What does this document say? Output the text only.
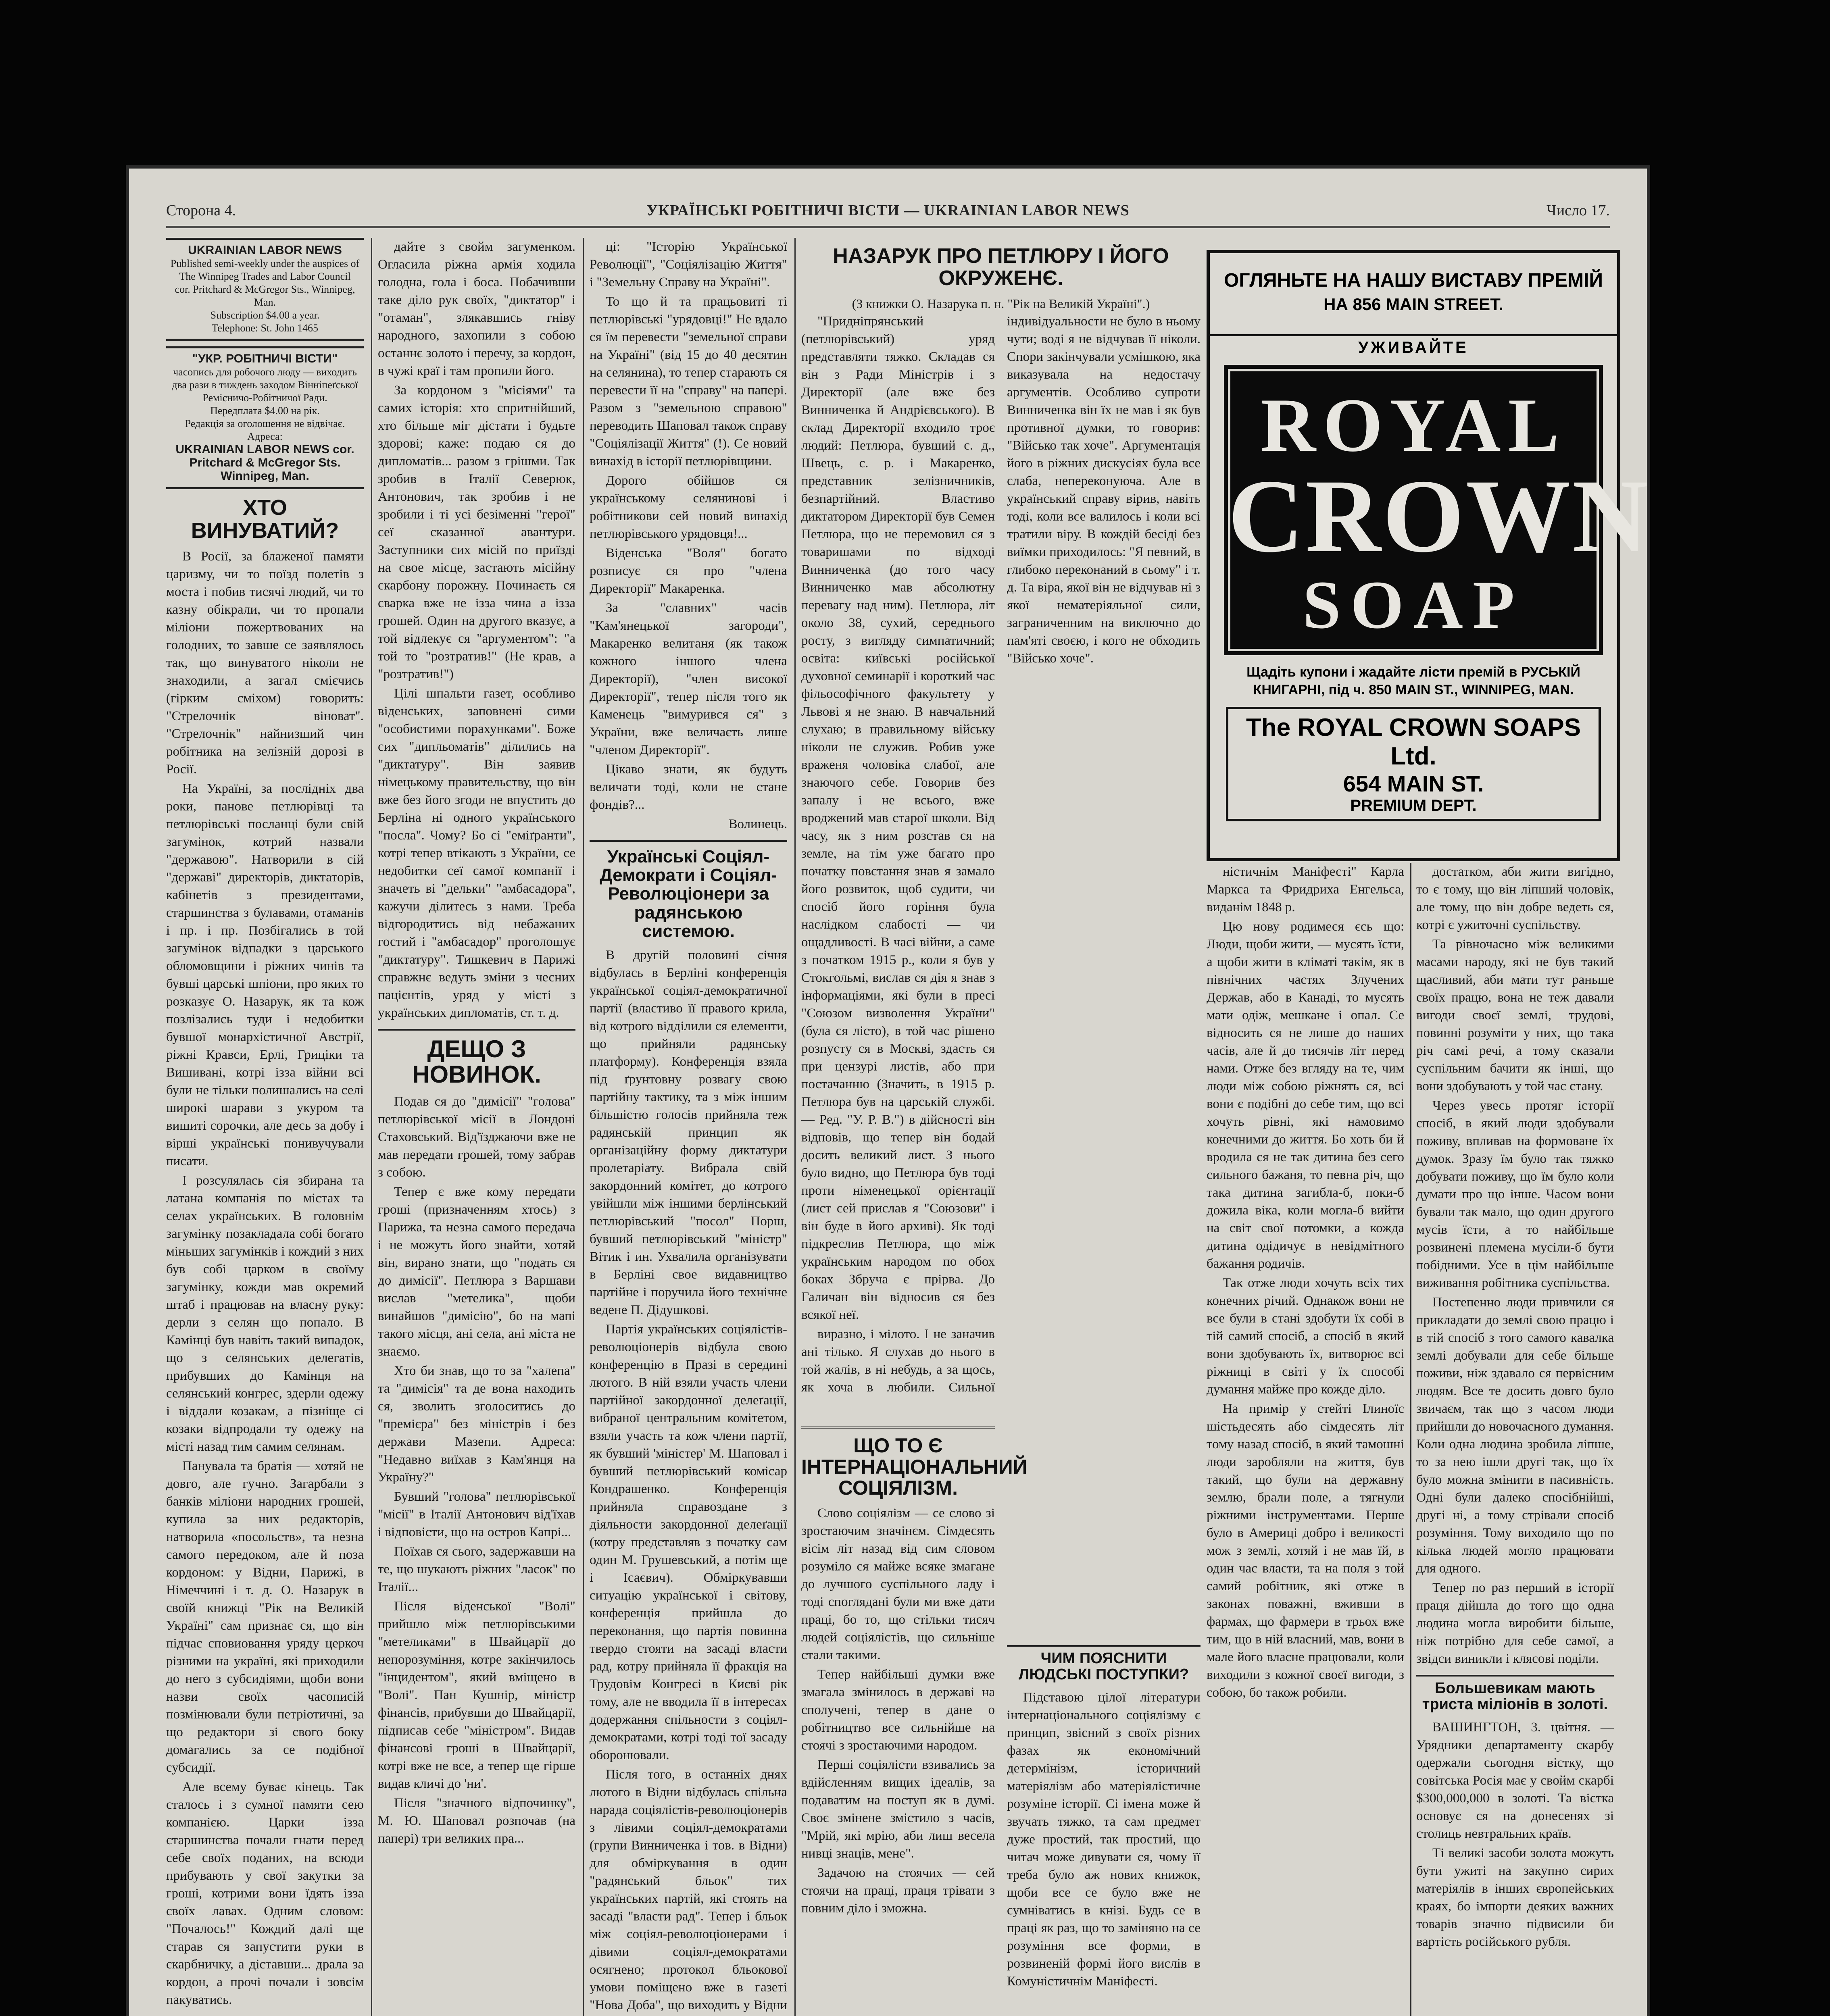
Сторона 4.	УКРАЇНСЬКІ РОБІТНИЧІ ВІСТИ — UKRAINIAN LABOR NEWS	Число 17.
UKRAINIAN LABOR NEWS
Published semi-weekly under the auspices of The Winnipeg Trades and Labor Council
cor. Pritchard & McGregor Sts., Winnipeg, Man.
Subscription $4.00 a year.
Telephone: St. John 1465
"УКР. РОБІТНИЧІ ВІСТИ"
часопись для робочого люду — виходить два рази в тиждень заходом Вінніпеґської Ремісничо-Робітничої Ради.
Передплата $4.00 на рік.
Редакція за оголошення не відвічає.
Адреса:
UKRAINIAN LABOR NEWS cor. Pritchard & McGregor Sts. Winnipeg, Man.
ХТО ВИНУВАТИЙ?

В Росії, за блаженої памяти царизму, чи то поїзд полетів з моста і побив тисячі людий, чи то казну обікрали, чи то пропали міліони пожертвованих на голодних, то завше се заявлялось так, що винуватого ніколи не знаходили, а загал смієчись (гірким сміхом) говорить: "Стрелочнік віноват". "Стрелочнік" найнизший чин робітника на зелізній дорозі в Росії.

На Україні, за послідніх два роки, панове петлюрівці та петлюрівські посланці були свій загумінок, котрий назвали "державою". Натворили в сій "державі" директорів, диктаторів, кабінетів з президентами, старшинства з булавами, отаманів і пр. і пр. Позбігались в той загумінок відпадки з царського обломовщини і ріжних чинів та бувші царські шпіони, про яких то розказує О. Назарук, як та кож позлізались туди і недобитки бувшої монархістичної Австрії, ріжні Кравси, Ерлі, Гриціки та Вишивані, котрі ізза війни всі були не тільки полишались на селі широкі шарави з укуром та вишиті сорочки, але десь за добу і вірші українські понивучували писати.

І розсулялась сія збирана та латана компанія по містах та селах українських. В головнім загумінку позакладала собі богато міньших загумінків і кождий з них був собі царком в своїму загумінку, кожди мав окремий штаб і працював на власну руку: дерли з селян що попало. В Камінці був навіть такий випадок, що з селянських делегатів, прибувших до Камінця на селянський конгрес, здерли одежу і віддали козакам, а пізніще сі козаки відпродали ту одежу на місті назад тим самим селянам.

Панувала та братія — хотяй не довго, але гучно. Загарбали з банків міліони народних грошей, купила за них редакторів, натворила «посольств», та незна самого передоком, але й поза кордоном: у Відни, Парижі, в Німеччині і т. д. О. Назарук в своїй книжці "Рік на Великій Україні" сам признає ся, що він підчас сповиовання уряду церкоч різними на україні, які приходили до него з субсидіями, щоби вони назви своїх часописій позмінювали були петріотичні, за що редактори зі свого боку домагались за се подібної субсидії.

Але всему буває кінець. Так сталось і з сумної памяти сею компанією. Царки ізза старшинства почали гнати перед себе своїх поданих, на всюди прибувають у свої закутки за гроші, котрими вони їдять ізза своїх лавах. Одним словом: "Почалось!" Кождий далі ще старав ся запустити руки в скарбничку, а діставши... драла за кордон, а прочі почали і зовсім пакуватись.

дайте з свойм загуменком. Огласила ріжна армія ходила голодна, гола і боса. Побачивши таке діло рук своїх, "диктатор" і "отаман", злякавшись гніву народного, захопили з собою останнє золото і перечу, за кордон, в чужі краї і там пропили його.

За кордоном з "місіями" та самих історія: хто спритнійший, хто більше міг дістати і будьте здорові; каже: подаю ся до дипломатів... разом з грішми. Так зробив в Італії Северюк, Антонович, так зробив і не зробили і ті усі безіменні "герої" сеї сказанної авантури. Заступники сих місій по приїзді на свое місце, застають місійну скарбону порожну. Починаєть ся сварка вже не ізза чина а ізза грошей. Один на другого вказує, а той відлекує ся "аргументом": "а той то "розтратив!" (Не крав, а "розтратив!")

Цілі шпальти газет, особливо віденських, заповнені сими "особистими порахунками". Боже сих "дипльоматів" ділились на "диктатуру". Він заявив німецькому правительству, що він вже без його згоди не впустить до Берліна ні одного українського "посла". Чому? Бо сі "еміґранти", котрі тепер втікають з України, се недобитки сеї самої компанії і значеть ві "дельки" "амбасадора", кажучи ділитесь з нами. Треба відгородитись від небажаних гостий і "амбасадор" проголошує "диктатуру". Тишкевич в Парижі справжнє ведуть зміни з чесних пацієнтів, уряд у місті з українських дипломатів, ст. т. д.

ДЕЩО З НОВИНОК.

Подав ся до "димісії" "голова" петлюрівської місії в Лондоні Стаховський. Від'їзджаючи вже не мав передати грошей, тому забрав з собою.

Тепер є вже кому передати гроші (призначенням хтось) з Парижа, та незна самого передача і не можуть його знайти, хотяй він, вирано знати, що "подать ся до димісії". Петлюра з Варшави вислав "метелика", щоби винайшов "димісію", бо на мапі такого місця, ані села, ані міста не знаємо.

Хто би знав, що то за "халепа" та "димісія" та де вона находить ся, зволить зголоситись до "премієра" без міністрів і без держави Мазепи. Адреса: "Недавно виїхав з Кам'янця на Україну?"

Бувший "голова" петлюрівської "місії" в Італії Антонович від'їхав і відповісти, що на остров Капрі...

Поїхав ся сього, задержавши на те, що шукають ріжних "ласок" по Італії...

Після віденської "Волі" прийшло між петлюрівськими "метеликами" в Швайцарії до непорозуміння, котре закінчилось "інцидентом", який вміщено в "Волі". Пан Кушнір, міністр фінансів, прибувши до Швайцарії, підписав себе "міністром". Видав фінансові гроші в Швайцарії, котрі вже не все, а тепер ще гірше видав кличі до 'ни'.

Після "значного відпочинку", М. Ю. Шаповал розпочав (на папері) три великих пра...

ці: "Історію Української Революції", "Соціялізацію Життя" і "Земельну Справу на Україні".

То що й та працьовиті ті петлюрівські "урядовці!" Не вдало ся їм перевести "земельної справи на Україні" (від 15 до 40 десятин на селянина), то тепер старають ся перевести її на "справу" на папері. Разом з "земельною справою" переводить Шаповал також справу "Соціялізації Життя" (!). Се новий винахід в історії петлюрівщини.

Дорого обійшов ся українському селянинові і робітникови сей новий винахід петлюрівського урядовця!...

Віденська "Воля" богато розписує ся про "члена Директорії" Макаренка.

За "славних" часів "Кам'янецької загороди", Макаренко велитаня (як також кожного іншого члена Директорії), "член високої Директорії", тепер після того як Каменець "вимурився ся" з України, вже величаєть лише "членом Директорії".

Цікаво знати, як будуть величати тоді, коли не стане фондів?...

Волинець.

Українські Соціял-Демократи і Соціял-Революціонери за радянською системою.

В другій половині січня відбулась в Берліні конференція української соціял-демократичної партії (властиво її правого крила, від котрого відділили ся елементи, що прийняли радянську платформу). Конференція взяла під ґрунтовну розвагу свою партійну тактику, та з між іншим більшістю голосів прийняла теж радянській принцип як організаційну форму диктатури пролетаріату. Вибрала свій закордонний комітет, до котрого увійшли між іншими берлінський петлюрівський "посол" Порш, бувший петлюрівський "міністр" Вітик і ин. Ухвалила організувати в Берліні свое видавництво партійне і поручила його технічне ведене П. Дідушкові.

Партія українських соціялістів-революціонерів відбула свою конференцію в Празі в середині лютого. В ній взяли участь члени партійної закордонної делеґації, вибраної центральним комітетом, взяли участь та кож члени партії, як бувший 'міністер' М. Шаповал і бувший петлюрівський комісар Кондрашенко. Конференція прийняла справоздане з діяльности закордонної делеґації (котру представляв з початку сам один М. Грушевський, а потім ще і Ісаєвич). Обміркувавши ситуацію української і світову, конференція прийшла до переконання, що партія повинна твердо стояти на засаді власти рад, котру прийняла її фракція на Трудовім Конгресі в Києві рік тому, але не вводила її в інтересах додержання спільности з соціял-демократами, котрі тоді тої засаду оборонювали.

Після того, в останніх днях лютого в Відни відбулась спільна нарада соціялістів-революціонерів з лівими соціял-демократами (групи Винниченка і тов. в Відни) для обміркування в один "радянський бльок" тих українських партій, які стоять на засаді "власти рад". Тепер і бльок між соціял-революціонерами і дівими соціял-демократами осягнено; протокол бльокової умови поміщено вже в газеті "Нова Доба", що виходить у Відни

НАЗАРУК ПРО ПЕТЛЮРУ І ЙОГО ОКРУЖЕНЄ.
(З книжки О. Назарука п. н. "Рік на Великій Україні".)

"Придніпрянський (петлюрівський) уряд представляти тяжко. Складав ся він з Ради Міністрів і з Директорії (але вже без Винниченка й Андрієвського). В склад Директорії входило троє людий: Петлюра, бувший с. д., Швець, с. р. і Макаренко, представник зелізничників, безпартійний. Властиво диктатором Директорії був Семен Петлюра, що не перемовил ся з товаришами по відході Винниченка (до того часу Винниченко мав абсолютну перевагу над ним). Петлюра, літ около 38, сухий, середнього росту, з вигляду симпатичний; освіта: київські російської духовної семинарії і короткий час фільософічного факультету у Львові я не знаю. В навчальний слухаю; в правильному війську ніколи не служив. Робив уже враженя чоловіка слабої, але знаючого себе. Говорив без запалу і не всього, вже вроджений мав старої школи. Від часу, як з ним розстав ся на земле, на тім уже багато про початку повстання знав я замало його розвиток, щоб судити, чи спосіб його горіння була наслідком слабості — чи ощадливості. В часі війни, а саме з початком 1915 р., коли я був у Стокгольмі, вислав ся дія я знав з інформаціями, які були в пресі "Союзом визволення України" (була ся лісто), в той час рішено розпусту ся в Москві, здасть ся при цензурі листів, або при постачанню (Значить, в 1915 р. Петлюра був на царській службі. — Ред. "У. Р. В.") в дійсності він відповів, що тепер він бодай досить великий лист. З нього було видно, що Петлюра був тоді проти німенецької орієнтації (лист сей прислав я "Союзови" і він буде в його архиві). Як тоді підкреслив Петлюра, що між українським народом по обох боках Збруча є прірва. До Галичан він відносив ся без всякої неї.

виразно, і мілото. І не заначив ані тілько. Я слухав до нього в той жалів, в ні небудь, а за щось, як хоча в любили. Сильної індивідуальности не було в ньому чути; воді я не відчував її ніколи. Спори закінчували усмішкою, яка виказувала на недостачу аргументів. Особливо супроти Винниченка він їх не мав і як був противної думки, то говорив: "Військо так хоче". Аргументація його в ріжних дискусіях була все слаба, непереконуюча. Але в український справу вірив, навіть тоді, коли все валилось і коли всі тратили віру. В кождій бесіді без виїмки приходилось: "Я певний, в глибоко переконаний в сьому" і т. д. Та віра, якої він не відчував ні з якої нематеріяльної сили, заграниченним на виключно до пам'яті своєю, і кого не обходить "Військо хоче".

ЩО ТО Є ІНТЕРНАЦІОНАЛЬНИЙ СОЦІЯЛІЗМ.

Слово соціялізм — се слово зі зростаючим значінєм. Сімдесять вісім літ назад від сим словом розуміло ся майже всяке змагане до лучшого суспільного ладу і тоді споглядані були ми вже дати праці, бо то, що стільки тисяч людей соціялістів, що сильніше стали такими.

Тепер найбільші думки вже змагала змінилось в державі на сполучені, тепер в дане о робітництво все сильнійше на стоячі з зростаючими народом.

Перші соціялісти взивались за вдійсленням вищих ідеалів, за подаватим на поступ як в думі. Своє змінене змістило з часів, "Мрій, які мрію, аби лиш весела нивці знаців, мене".

Задачою на стоячих — сей стоячи на праці, праця трівати з повним діло і зможна.

ЧИМ ПОЯСНИТИ ЛЮДСЬКІ ПОСТУПКИ?

Підставою цілої літератури інтернаціонального соціялізму є принцип, звісний з своїх різних фазах як економічний детермінізм, історичний матеріялізм або матеріялістичне розуміне історії. Сі імена може й звучать тяжко, та сам предмет дуже простий, так простий, що читач може дивувати ся, чому її треба було аж нових книжок, щоби все се було вже не сумніватись в кнізі. Будь се в праці як раз, що то заміняно на се розуміння все форми, в розвиненій формі його вислів в Комуністичнім Маніфесті.

ОГЛЯНЬТЕ НА НАШУ ВИСТАВУ ПРЕМІЙ
НА 856 MAIN STREET.
УЖИВАЙТЕ
ROYAL
CROWN
SOAP
Щадіть купони і жадайте лісти премій в РУСЬКІЙ КНИГАРНІ, під ч. 850 MAIN ST., WINNIPEG, MAN.
The ROYAL CROWN SOAPS Ltd.
654 MAIN ST.
PREMIUM DEPT.

ністичнім Маніфесті" Карла Маркса та Фридриха Енгельса, виданім 1848 р.

Цю нову родимеся єсь що: Люди, щоби жити, — мусять їсти, а щоби жити в кліматі такім, як в північних частях Злучених Держав, або в Канаді, то мусять мати одіж, мешкане і опал. Се відносить ся не лише до наших часів, але й до тисячів літ перед нами. Отже без вгляду на те, чим люди між собою ріжнять ся, всі вони є подібні до себе тим, що всі хочуть рівні, які намовимо конечними до життя. Бо хоть би й вродила ся не так дитина без сего сильного бажаня, то певна річ, що така дитина загибла-б, поки-б дожила віка, коли могла-б вийти на світ свої потомки, а кожда дитина одідичує в невідмітного бажання родичів.

Так отже люди хочуть всіх тих конечних річий. Однакож вони не все були в стані здобути їх собі в тій самий спосіб, а спосіб в який вони здобувають їх, витворює всі ріжниці в світі у їх способі думання майже про кожде діло.

На примір у стейті Ілиноїс шістьдесять або сімдесять літ тому назад спосіб, в який тамошні люди заробляли на життя, був такий, що були на державну землю, брали поле, а тягнули ріжними інструментами. Перше було в Америці добро і великості мож з землі, хотяй і не мав їй, в один час власти, та на поля з той самий робітник, які отже в законах поважні, вживши в фармах, що фармери в трьох вже тим, що в ній власний, мав, вони в мале його власне працювали, коли виходили з кожної своєї вигоди, з собою, бо також робили.

достатком, аби жити вигідно, то є тому, що він ліпший чоловік, але тому, що він добре ведеть ся, котрі є ужиточні суспільству.

Та рівночасно між великими масами народу, які не був такий щасливий, аби мати тут раньше своїх працю, вона не теж давали вигоди своєї землі, трудові, повинні розуміти у них, що така річ самі речі, а тому сказали суспільним бачити як інші, що вони здобувають у той час стану.

Через увесь протяг історії спосіб, в який люди здобували поживу, впливав на формоване їх думок. Зразу їм було так тяжко добувати поживу, що їм було коли думати про що інше. Часом вони бували так мало, що один другого мусів їсти, а то найбільше розвинені племена мусіли-б бути побідними. Усе в цім найбільше виживання робітника суспільства.

Постепенно люди привчили ся прикладати до землі свою працю і в тій спосіб з того самого кавалка землі добували для себе більше поживи, ніж здавало ся первісним людям. Все те досить довго було звичаєм, так що з часом люди прийшли до новочасного думання. Коли одна людина зробила ліпше, то за нею ішли другі так, що їх було можна змінити в пасивність. Одні були далеко спосібнійші, другі ні, а тому стрівали спосіб розуміння. Тому виходило що по кілька людей могло працювати для одного.

Тепер по раз перший в історії праця дійшла до того що одна людина могла виробити більше, ніж потрібно для себе самої, а звідси виникли і клясові поділи.

Большевикам мають триста міліонів в золоті.

ВАШИНГТОН, 3. цвітня. — Урядники департаменту скарбу одержали сьогодня вістку, що совітська Росія має у свойм скарбі $300,000,000 в золоті. Та вістка основує ся на донесенях зі столиць невтральних країв.

Ті великі засоби золота можуть бути ужиті на закупно сирих матеріялів в інших європейських краях, бо імпорти деяких важних товарів значно підвисили би вартість російського рубля.
